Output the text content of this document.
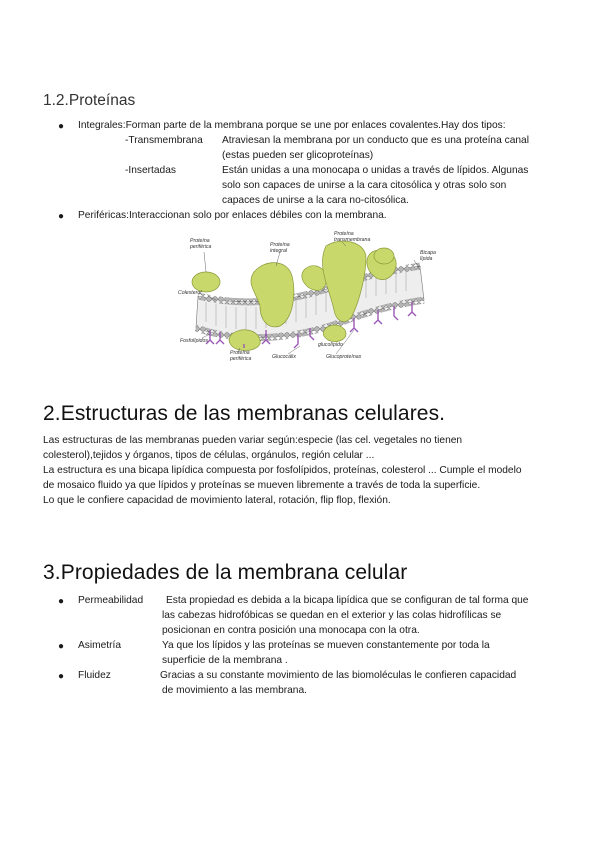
1.2.Proteínas
● Integrales:Forman parte de la membrana porque se une por enlaces covalentes.Hay dos tipos:
-Transmembrana Atraviesan la membrana por un conducto que es una proteína canal
(estas pueden ser glicoproteínas)
-Insertadas	Están unidas a una monocapa o unidas a través de lípidos. Algunas
solo son capaces de unirse a la cara citosólica y otras solo son
capaces de unirse a la cara no-citosólica.
● Periféricas:Interaccionan solo por enlaces débiles con la membrana.
Proteína
periférica	Proteína
integral
Proteína
transmembrana
Bicapa
lípida
Colesterol
Fosfolípidos
Proteína
periférica	Glucocálix
glucolípido
Glucoproteínas
2.Estructuras de las membranas celulares.
Las estructuras de las membranas pueden variar según:especie (las cel. vegetales no tienen
colesterol),tejidos y órganos, tipos de células, orgánulos, región celular ...
La estructura es una bicapa lipídica compuesta por fosfolípidos, proteínas, colesterol ... Cumple el modelo
de mosaico fluido ya que lípidos y proteínas se mueven libremente a través de toda la superficie.
Lo que le confiere capacidad de movimiento lateral, rotación, flip flop, flexión.
3.Propiedades de la membrana celular
● Permeabilidad Esta propiedad es debida a la bicapa lipídica que se configuran de tal forma que
las cabezas hidrofóbicas se quedan en el exterior y las colas hidrofílicas se
posicionan en contra posición una monocapa con la otra.
● Asimetría	Ya que los lípidos y las proteínas se mueven constantemente por toda la
superficie de la membrana .
● Fluidez	Gracias a su constante movimiento de las biomoléculas le confieren capacidad
de movimiento a las membrana.
